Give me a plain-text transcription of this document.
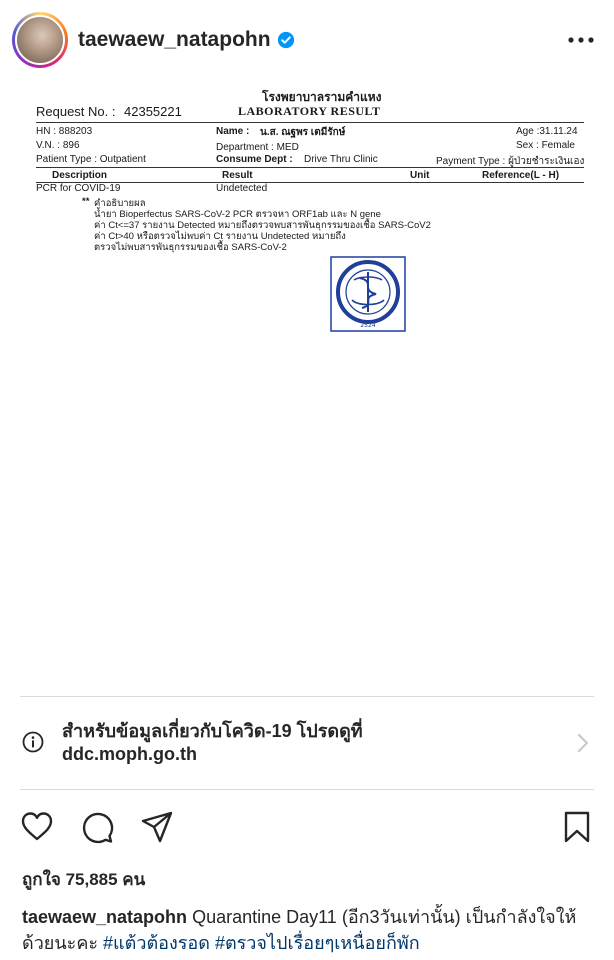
taewaew_natapohn
โรงพยาบาลรามคำแหง
Request No. : 42355221	LABORATORY RESULT
HN : 888203
V.N. : 896
Patient Type : Outpatient
Name : น.ส. ณฐพร เตมีรักษ์
Department : MED
Consume Dept : Drive Thru Clinic
Age :31.11.24
Sex : Female
Payment Type : ผู้ป่วยชำระเงินเอง
Description	Result	Unit	Reference(L - H)
PCR for COVID-19	Undetected
** คำอธิบายผล
น้ำยา Bioperfectus SARS-CoV-2 PCR ตรวจหา ORF1ab และ N gene
ค่า Ct<=37 รายงาน Detected หมายถึงตรวจพบสารพันธุกรรมของเชื้อ SARS-CoV2
ค่า Ct>40 หรือตรวจไม่พบค่า Ct รายงาน Undetected หมายถึง
ตรวจไม่พบสารพันธุกรรมของเชื้อ SARS-CoV-2
2524
สำหรับข้อมูลเกี่ยวกับโควิด-19 โปรดดูที่
ddc.moph.go.th
ถูกใจ 75,885 คน
taewaew_natapohn Quarantine Day11 (อีก3วันเท่านั้น) เป็นกำลังใจให้ด้วยนะคะ #แต้วต้องรอด #ตรวจไปเรื่อยๆเหนื่อยก็พัก
